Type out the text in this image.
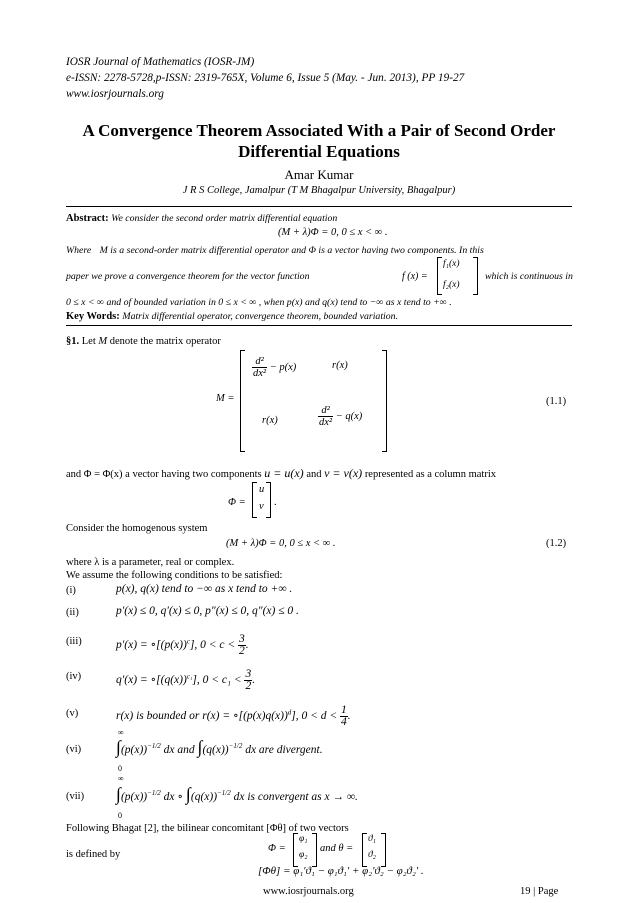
IOSR Journal of Mathematics (IOSR-JM)
e-ISSN: 2278-5728,p-ISSN: 2319-765X, Volume 6, Issue 5 (May. - Jun. 2013), PP 19-27
www.iosrjournals.org
A Convergence Theorem Associated With a Pair of Second Order
Differential Equations
Amar Kumar
J R S College, Jamalpur (T M Bhagalpur University, Bhagalpur)
Abstract: We consider the second order matrix differential equation
(M + λ)Φ = 0, 0 ≤ x < ∞ .
Where M is a second-order matrix differential operator and Φ is a vector having two components. In this
paper we prove a convergence theorem for the vector function	f (x) =
f₁(x)
f₂(x)
which is continuous in
0 ≤ x < ∞ and of bounded variation in 0 ≤ x < ∞ , when p(x) and q(x) tend to −∞ as x tend to +∞ .
Key Words: Matrix differential operator, convergence theorem, bounded variation.
§1. Let M denote the matrix operator
M =
$\frac{\text{d²}}{\text{dx²}} - p(x)$	r(x)
r(x)	$\frac{\text{d²}}{\text{dx²}} - q(x)$
(1.1)
and Φ = Φ(x) a vector having two components u = u(x) and v = v(x) represented as a column matrix
Φ =
u
v .
Consider the homogenous system
(M + λ)Φ = 0, 0 ≤ x < ∞ .	(1.2)
where λ is a parameter, real or complex.
We assume the following conditions to be satisfied:
(i)	p(x), q(x) tend to −∞ as x tend to +∞ .
(ii)	p′(x) ≤ 0, q′(x) ≤ 0, p″(x) ≤ 0, q″(x) ≤ 0 .
(iii)	$p'(x) = \circ[(p(x))^c]$, $0 < c < \frac{3}{2}$ .
(iv)	$q'(x) = \circ[(q(x))^{c_1}]$, $0 < c_1 < \frac{3}{2}$ .
(v)	r(x) is bounded or $r(x) = \circ[(p(x)q(x))^d]$, $0 < d < \frac{1}{4}$ .
(vi)
∞
0
$\int(p(x))^{-1/2}$ dx and $\int(q(x))^{-1/2}$ dx are divergent.
(vii)
∞
0
$\int(p(x))^{-1/2}$ dx ∘ $\int(q(x))^{-1/2}$ dx is convergent as x → ∞.
Following Bhagat [2], the bilinear concomitant [Φθ] of two vectors
is defined by
www.iosrjournals.org	19 | Page
Φ =
φ₁
φ₂
and θ =
ϑ₁
ϑ₂
[Φθ] = φ₁′ϑ₁ − φ₁ϑ₁′ + φ₂′ϑ₂ − φ₂ϑ₂′ .
